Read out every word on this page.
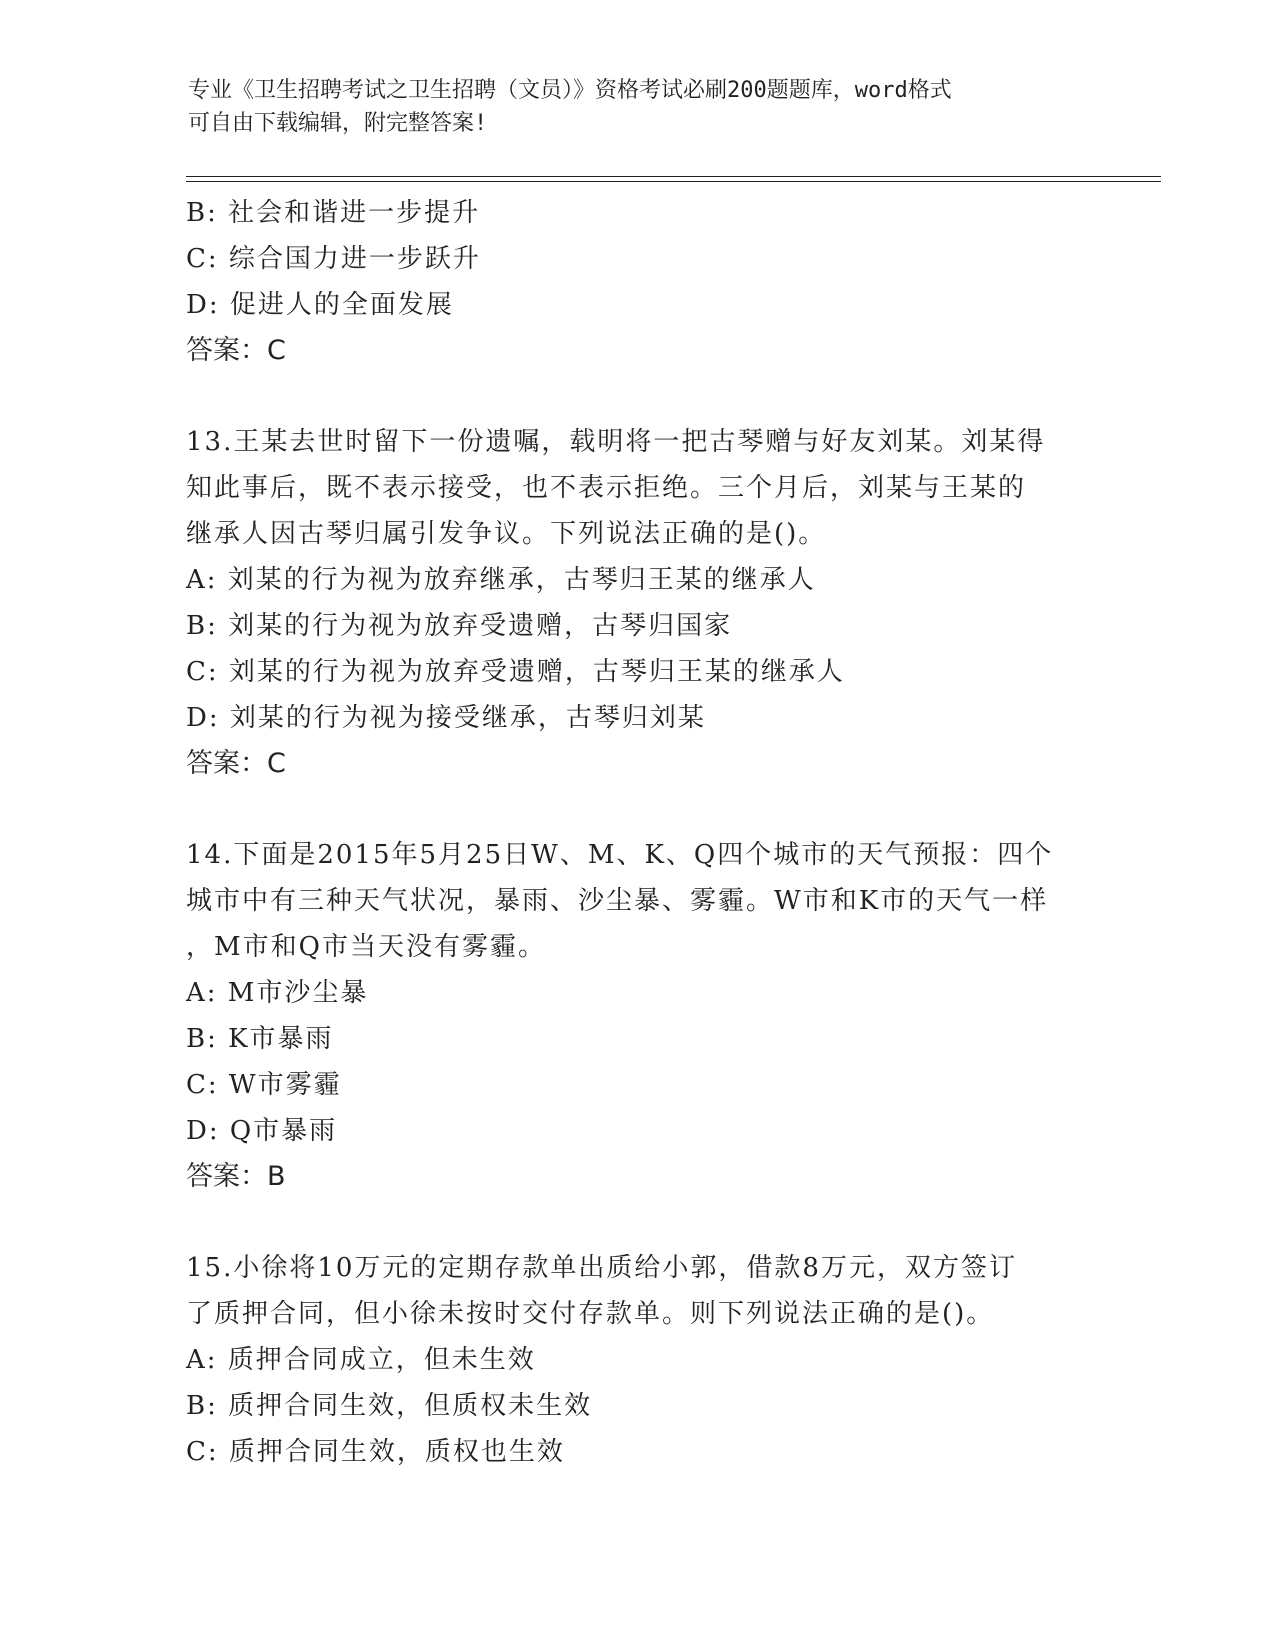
专业《卫生招聘考试之卫生招聘（文员）》资格考试必刷200题题库，word格式
可自由下载编辑，附完整答案!
B: 社会和谐进一步提升
C: 综合国力进一步跃升
D: 促进人的全面发展
答案：C
13.王某去世时留下一份遗嘱，载明将一把古琴赠与好友刘某。刘某得
知此事后，既不表示接受，也不表示拒绝。三个月后，刘某与王某的
继承人因古琴归属引发争议。下列说法正确的是()。
A: 刘某的行为视为放弃继承，古琴归王某的继承人
B: 刘某的行为视为放弃受遗赠，古琴归国家
C: 刘某的行为视为放弃受遗赠，古琴归王某的继承人
D: 刘某的行为视为接受继承，古琴归刘某
答案：C
14.下面是2015年5月25日W、M、K、Q四个城市的天气预报：四个
城市中有三种天气状况，暴雨、沙尘暴、雾霾。W市和K市的天气一样
，M市和Q市当天没有雾霾。
A: M市沙尘暴
B: K市暴雨
C: W市雾霾
D: Q市暴雨
答案：B
15.小徐将10万元的定期存款单出质给小郭，借款8万元，双方签订
了质押合同，但小徐未按时交付存款单。则下列说法正确的是()。
A: 质押合同成立，但未生效
B: 质押合同生效，但质权未生效
C: 质押合同生效，质权也生效
